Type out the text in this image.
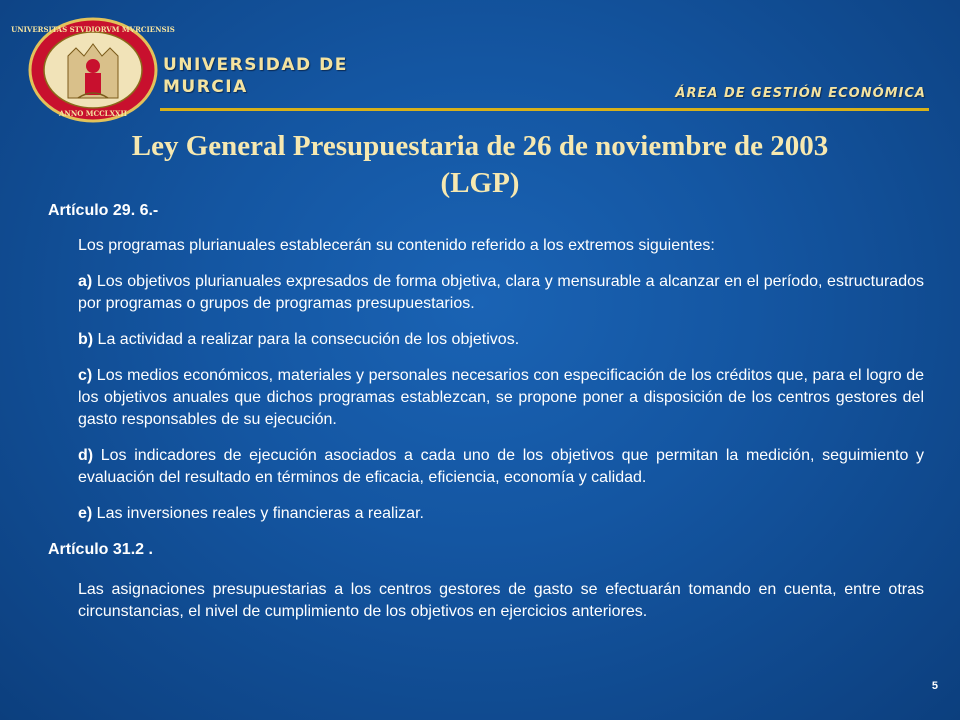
UNIVERSITAS STVDIORVM MVRCIENSIS
ANNO MCCLXXII
UNIVERSIDAD DE
MURCIA	ÁREA DE GESTIÓN ECONÓMICA
Ley General Presupuestaria de 26 de noviembre de 2003
(LGP)

Artículo 29. 6.-

Los programas plurianuales establecerán su contenido referido a los extremos siguientes:

a) Los objetivos plurianuales expresados de forma objetiva, clara y mensurable a alcanzar en el período, estructurados por programas o grupos de programas presupuestarios.

b) La actividad a realizar para la consecución de los objetivos.

c) Los medios económicos, materiales y personales necesarios con especificación de los créditos que, para el logro de los objetivos anuales que dichos programas establezcan, se propone poner a disposición de los centros gestores del gasto responsables de su ejecución.

d) Los indicadores de ejecución asociados a cada uno de los objetivos que permitan la medición, seguimiento y evaluación del resultado en términos de eficacia, eficiencia, economía y calidad.

e) Las inversiones reales y financieras a realizar.

Artículo 31.2 .

Las asignaciones presupuestarias a los centros gestores de gasto se efectuarán tomando en cuenta, entre otras circunstancias, el nivel de cumplimiento de los objetivos en ejercicios anteriores.

5
